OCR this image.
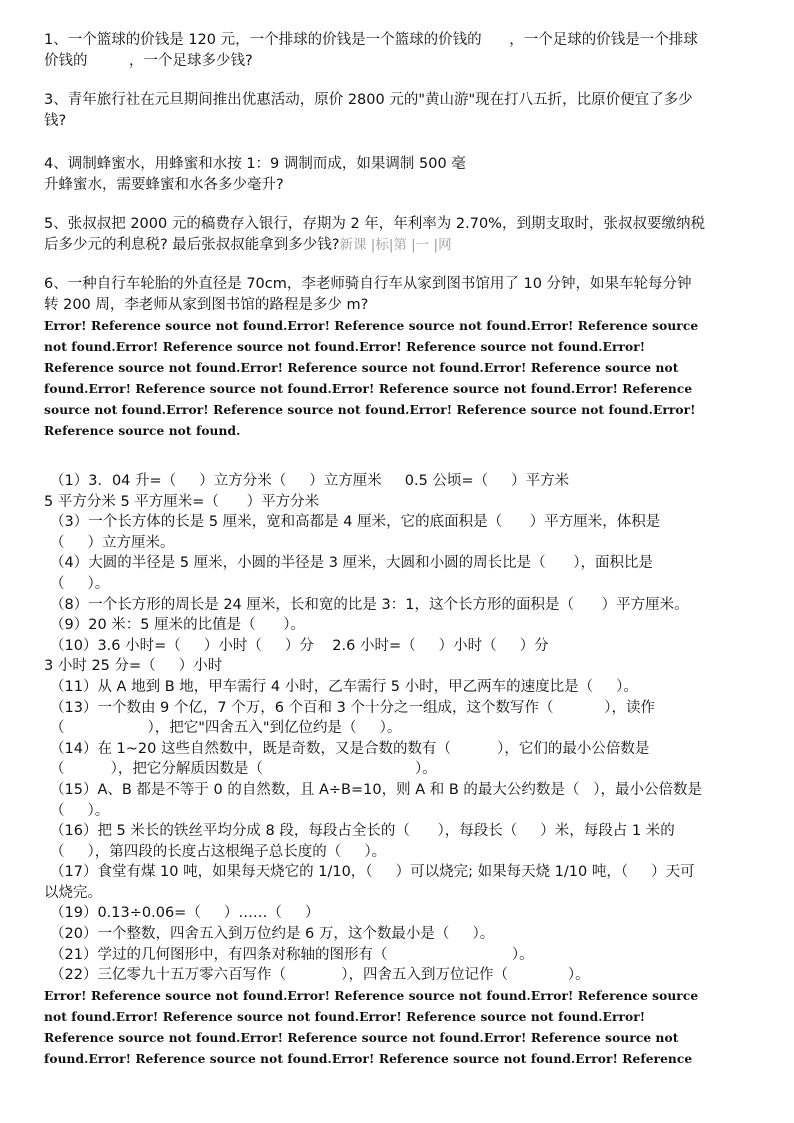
1、一个篮球的价钱是 120 元，一个排球的价钱是一个篮球的价钱的      ，一个足球的价钱是一个排球

价钱的         ，一个足球多少钱?

3、青年旅行社在元旦期间推出优惠活动，原价 2800 元的"黄山游"现在打八五折，比原价便宜了多少

钱?

4、调制蜂蜜水，用蜂蜜和水按 1：9 调制而成，如果调制 500 毫

升蜂蜜水，需要蜂蜜和水各多少毫升?

5、张叔叔把 2000 元的稿费存入银行，存期为 2 年，年利率为 2.70%，到期支取时，张叔叔要缴纳税

后多少元的利息税? 最后张叔叔能拿到多少钱?新课 |标|第 |一 |网

6、一种自行车轮胎的外直径是 70cm，李老师骑自行车从家到图书馆用了 10 分钟，如果车轮每分钟

转 200 周，李老师从家到图书馆的路程是多少 m?

Error! Reference source not found.Error! Reference source not found.Error! Reference source

not found.Error! Reference source not found.Error! Reference source not found.Error!

Reference source not found.Error! Reference source not found.Error! Reference source not

found.Error! Reference source not found.Error! Reference source not found.Error! Reference

source not found.Error! Reference source not found.Error! Reference source not found.Error!

Reference source not found.

（1）3．04 升=（     ）立方分米（     ）立方厘米     0.5 公顷=（     ）平方米

5 平方分米 5 平方厘米=（      ）平方分米

（3）一个长方体的长是 5 厘米，宽和高都是 4 厘米，它的底面积是（      ）平方厘米，体积是

（     ）立方厘米。

（4）大圆的半径是 5 厘米，小圆的半径是 3 厘米，大圆和小圆的周长比是（      ），面积比是

（     ）。

（8）一个长方形的周长是 24 厘米，长和宽的比是 3：1，这个长方形的面积是（      ）平方厘米。

（9）20 米：5 厘米的比值是（      ）。

（10）3.6 小时=（     ）小时（     ）分    2.6 小时=（     ）小时（     ）分

3 小时 25 分=（     ）小时

（11）从 A 地到 B 地，甲车需行 4 小时，乙车需行 5 小时，甲乙两车的速度比是（     ）。

（13）一个数由 9 个亿，7 个万，6 个百和 3 个十分之一组成，这个数写作（           ），读作

（                  ），把它"四舍五入"到亿位约是（     ）。

（14）在 1~20 这些自然数中，既是奇数，又是合数的数有（          ），它们的最小公倍数是

（          ），把它分解质因数是（                                 ）。

（15）A、B 都是不等于 0 的自然数，且 A÷B=10，则 A 和 B 的最大公约数是（   ），最小公倍数是

（     ）。

（16）把 5 米长的铁丝平均分成 8 段，每段占全长的（      ），每段长（     ）米，每段占 1 米的

（     ），第四段的长度占这根绳子总长度的（     ）。

（17）食堂有煤 10 吨，如果每天烧它的 1/10，（     ）可以烧完; 如果每天烧 1/10 吨，（     ）天可

以烧完。

（19）0.13÷0.06=（     ）……（     ）

（20）一个整数，四舍五入到万位约是 6 万，这个数最小是（     ）。

（21）学过的几何图形中，有四条对称轴的图形有（                           ）。

（22）三亿零九十五万零六百写作（            ），四舍五入到万位记作（             ）。

Error! Reference source not found.Error! Reference source not found.Error! Reference source

not found.Error! Reference source not found.Error! Reference source not found.Error!

Reference source not found.Error! Reference source not found.Error! Reference source not

found.Error! Reference source not found.Error! Reference source not found.Error! Reference
